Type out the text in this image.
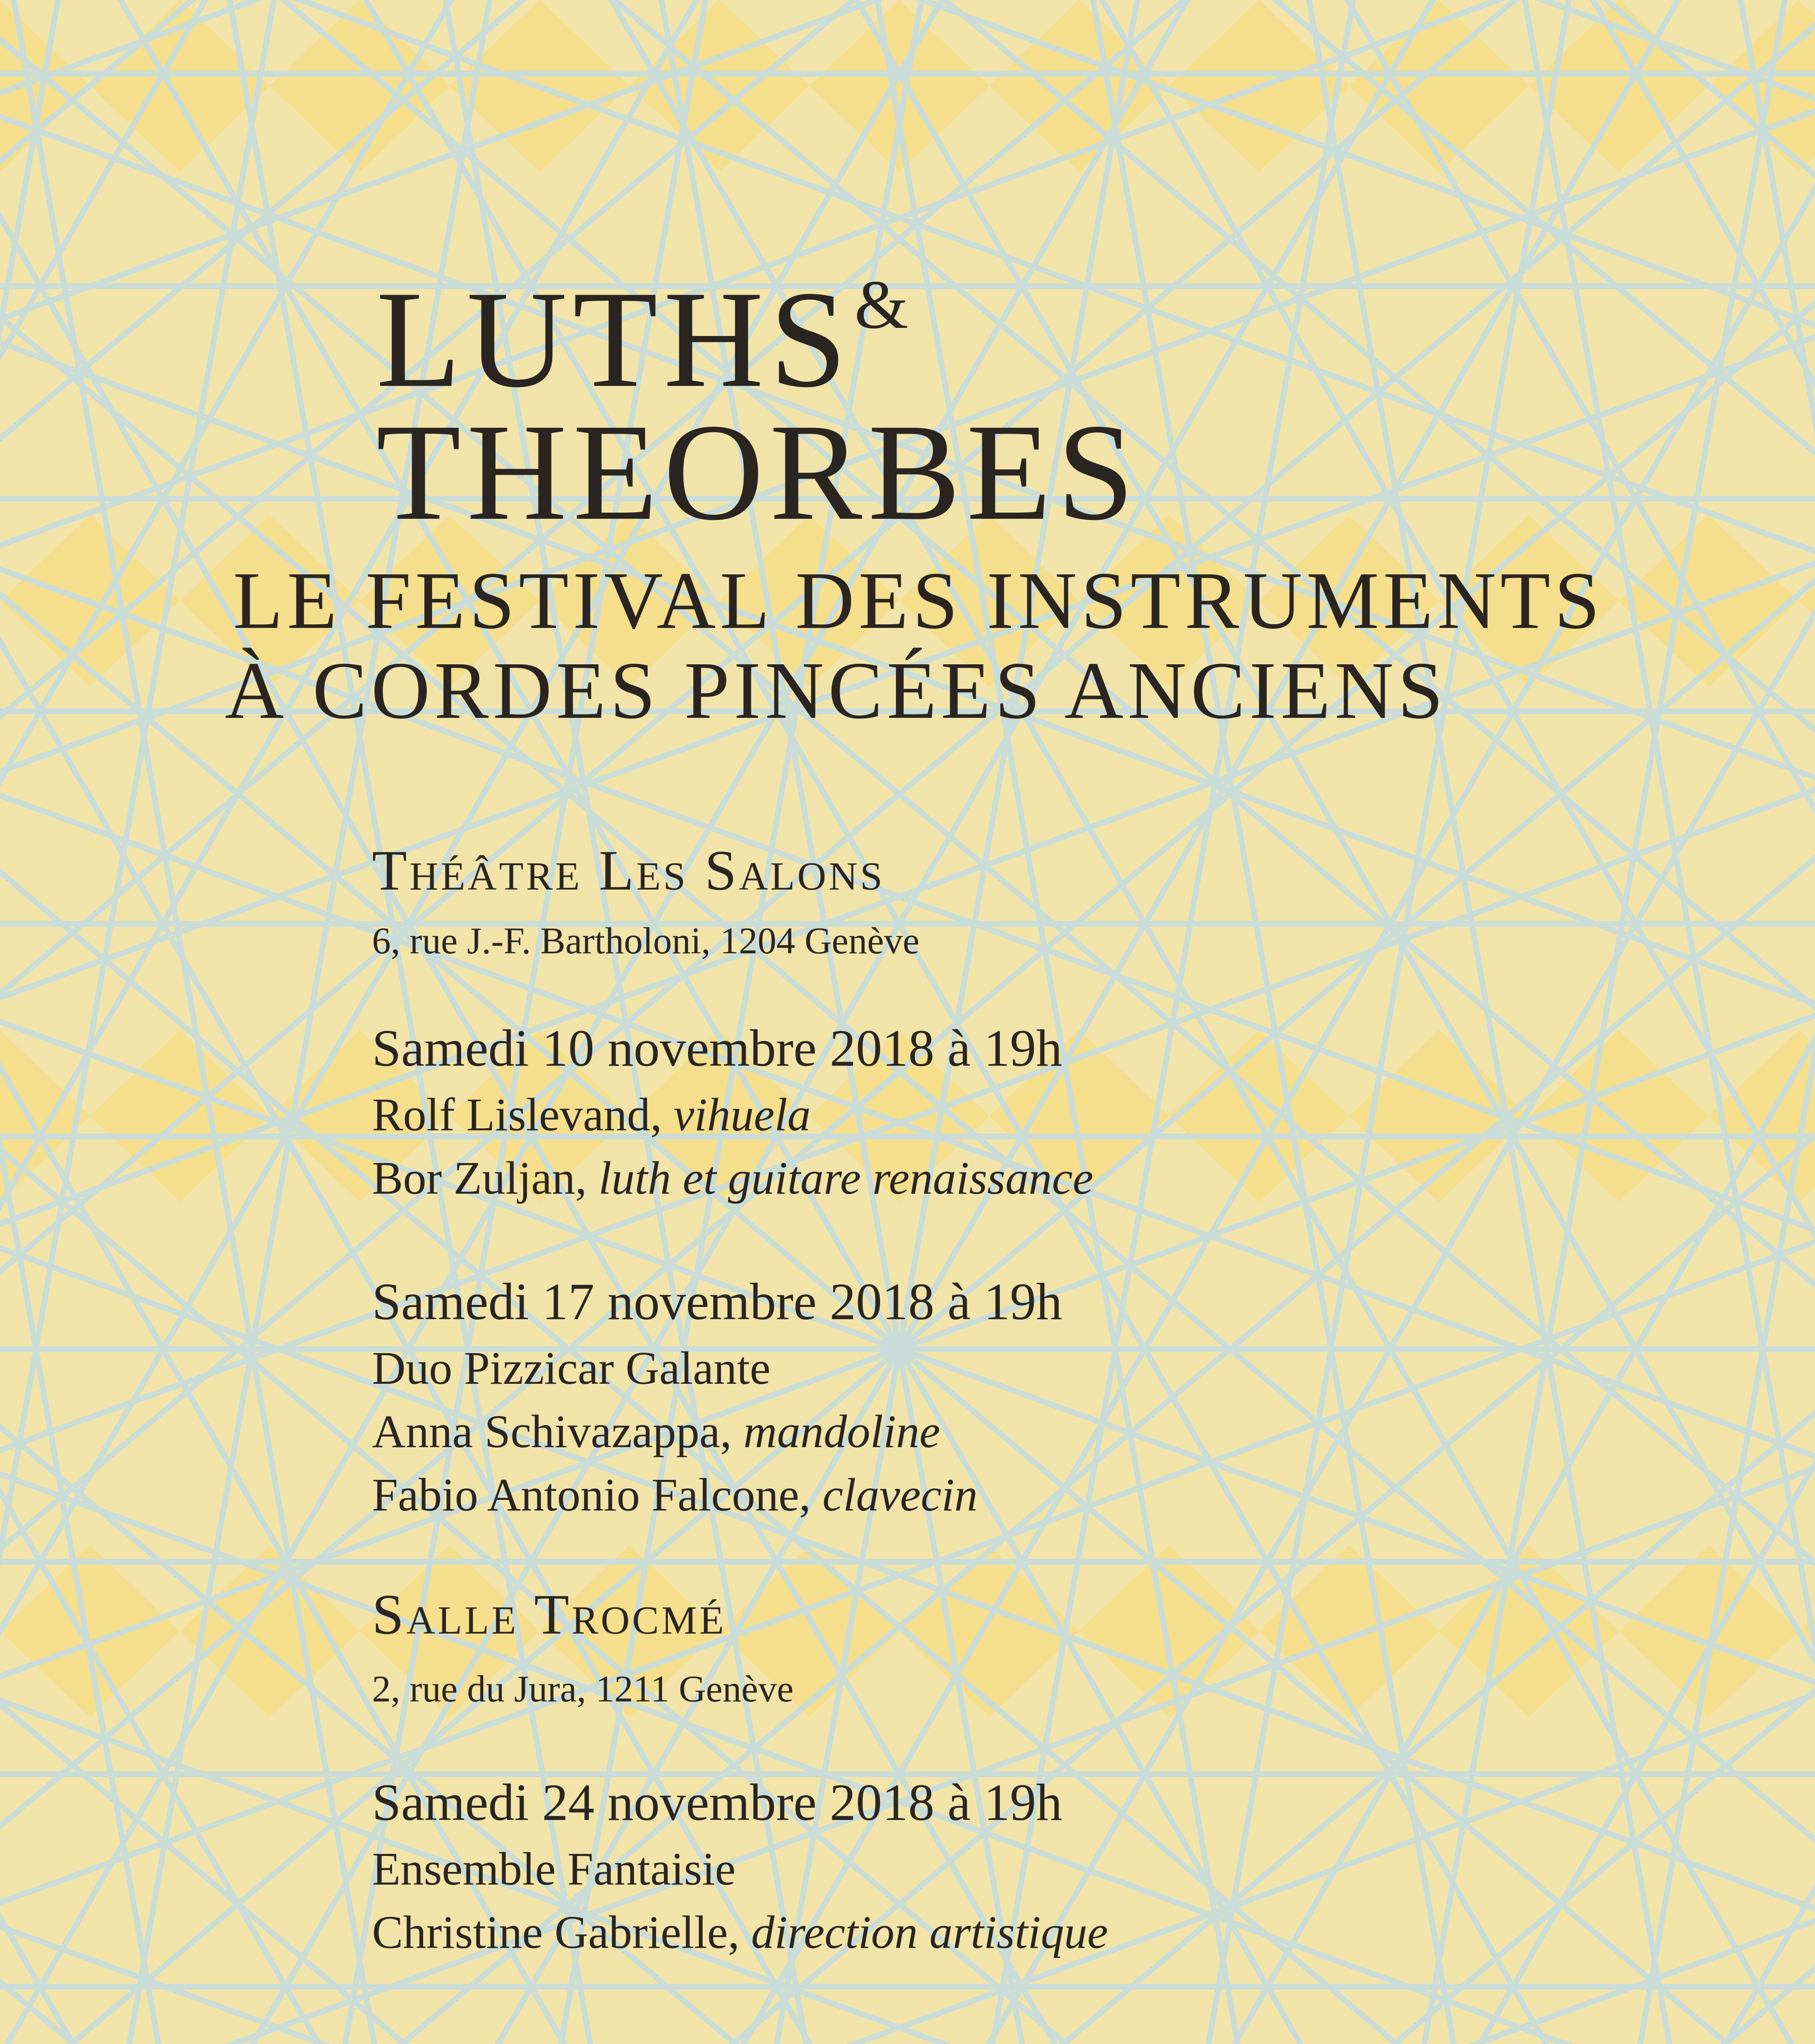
LUTHS &
THEORBES
LE FESTIVAL DES INSTRUMENTS
À CORDES PINCÉES ANCIENS
Théâtre Les Salons
6, rue J.-F. Bartholoni, 1204 Genève
Samedi 10 novembre 2018 à 19h
Rolf Lislevand, vihuela
Bor Zuljan, luth et guitare renaissance
Samedi 17 novembre 2018 à 19h
Duo Pizzicar Galante
Anna Schivazappa, mandoline
Fabio Antonio Falcone, clavecin
Salle Trocmé
2, rue du Jura, 1211 Genève
Samedi 24 novembre 2018 à 19h
Ensemble Fantaisie
Christine Gabrielle, direction artistique
